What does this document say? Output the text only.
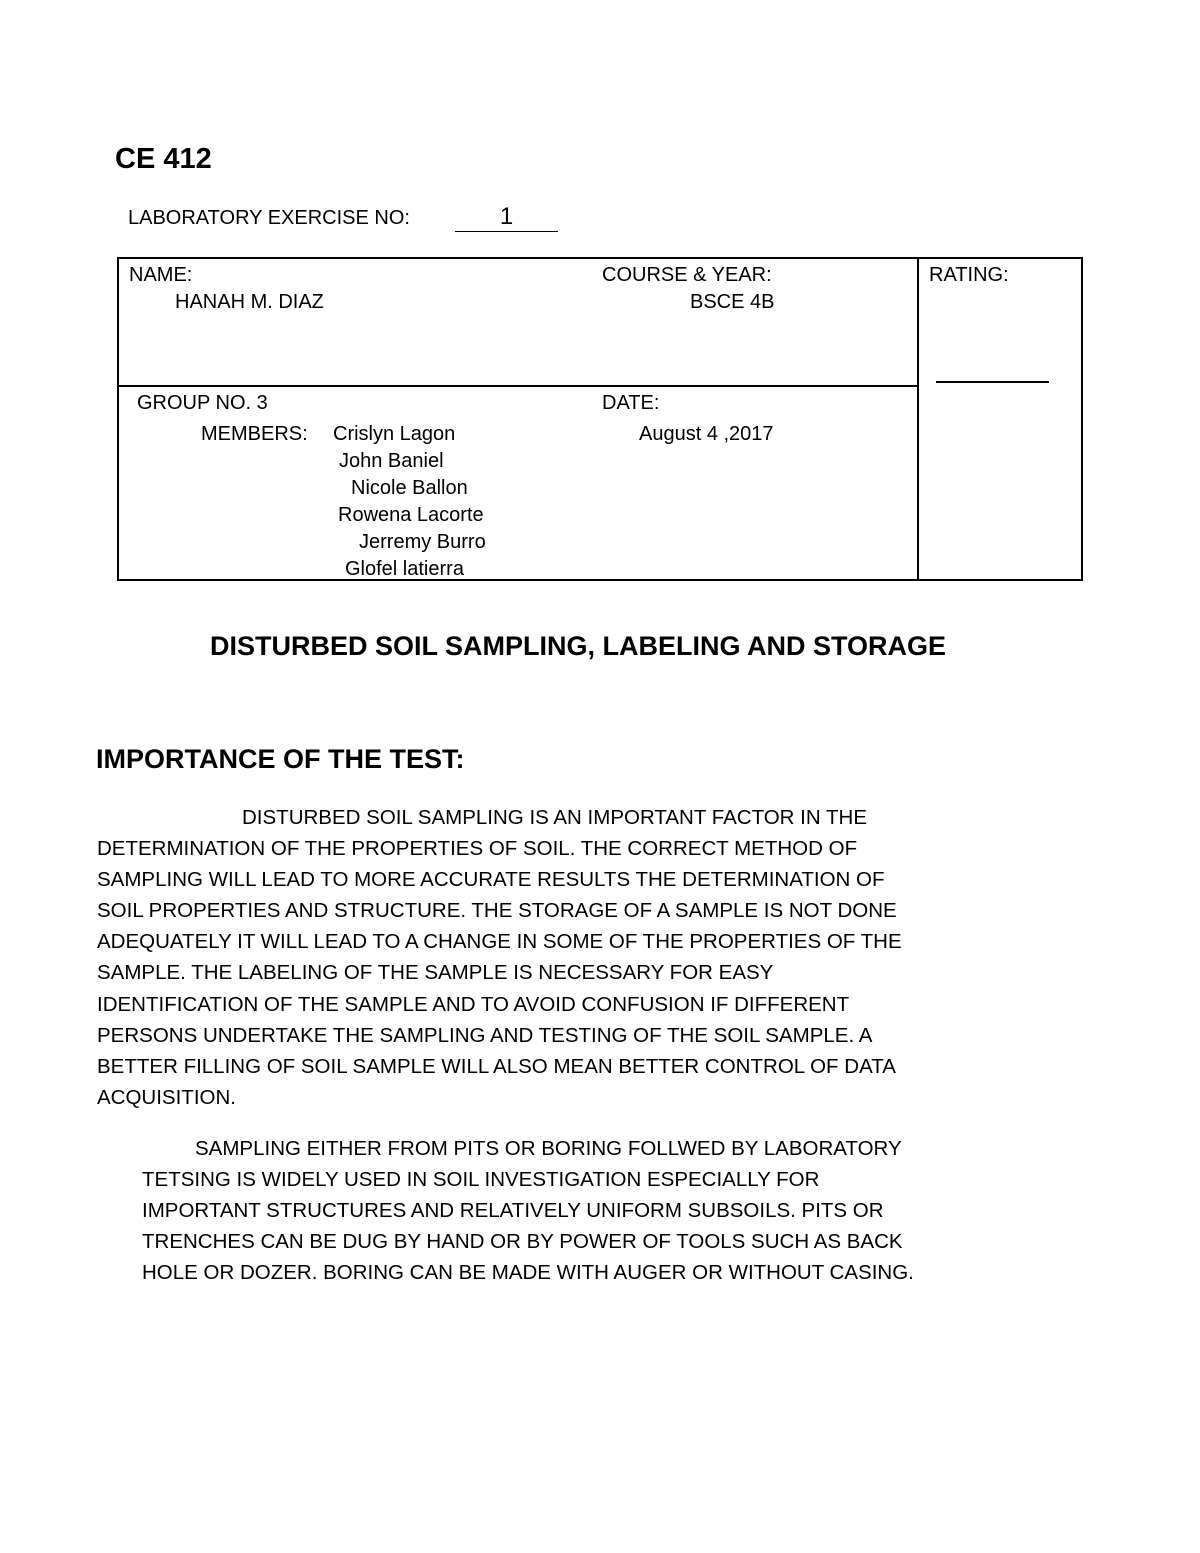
CE 412
LABORATORY EXERCISE NO:	1
NAME:
HANAH M. DIAZ
COURSE & YEAR:
BSCE 4B
RATING:
GROUP NO. 3
MEMBERS: Crislyn Lagon
John Baniel
Nicole Ballon
Rowena Lacorte
Jerremy Burro
Glofel latierra
DATE:
August 4 ,2017
DISTURBED SOIL SAMPLING, LABELING AND STORAGE
IMPORTANCE OF THE TEST:
DISTURBED SOIL SAMPLING IS AN IMPORTANT FACTOR IN THE
DETERMINATION OF THE PROPERTIES OF SOIL. THE CORRECT METHOD OF
SAMPLING WILL LEAD TO MORE ACCURATE RESULTS THE DETERMINATION OF
SOIL PROPERTIES AND STRUCTURE. THE STORAGE OF A SAMPLE IS NOT DONE
ADEQUATELY IT WILL LEAD TO A CHANGE IN SOME OF THE PROPERTIES OF THE
SAMPLE. THE LABELING OF THE SAMPLE IS NECESSARY FOR EASY
IDENTIFICATION OF THE SAMPLE AND TO AVOID CONFUSION IF DIFFERENT
PERSONS UNDERTAKE THE SAMPLING AND TESTING OF THE SOIL SAMPLE. A
BETTER FILLING OF SOIL SAMPLE WILL ALSO MEAN BETTER CONTROL OF DATA
ACQUISITION.
SAMPLING EITHER FROM PITS OR BORING FOLLWED BY LABORATORY
TETSING IS WIDELY USED IN SOIL INVESTIGATION ESPECIALLY FOR
IMPORTANT STRUCTURES AND RELATIVELY UNIFORM SUBSOILS. PITS OR
TRENCHES CAN BE DUG BY HAND OR BY POWER OF TOOLS SUCH AS BACK
HOLE OR DOZER. BORING CAN BE MADE WITH AUGER OR WITHOUT CASING.
